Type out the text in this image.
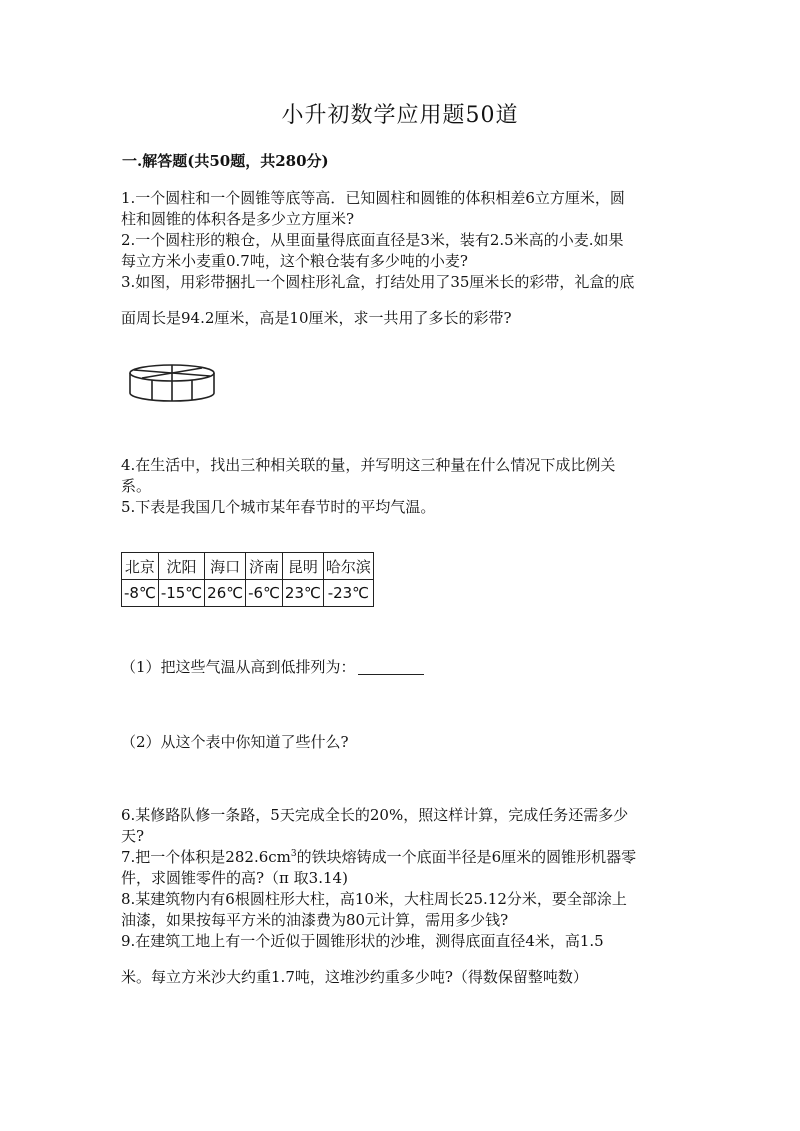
小升初数学应用题50道
一.解答题(共50题，共280分)
1.一个圆柱和一个圆锥等底等高．已知圆柱和圆锥的体积相差6立方厘米，圆
柱和圆锥的体积各是多少立方厘米?
2.一个圆柱形的粮仓，从里面量得底面直径是3米，装有2.5米高的小麦.如果
每立方米小麦重0.7吨，这个粮仓装有多少吨的小麦?
3.如图，用彩带捆扎一个圆柱形礼盒，打结处用了35厘米长的彩带，礼盒的底
面周长是94.2厘米，高是10厘米，求一共用了多长的彩带?
4.在生活中，找出三种相关联的量，并写明这三种量在什么情况下成比例关
系。
5.下表是我国几个城市某年春节时的平均气温。
北京	沈阳	海口	济南	昆明	哈尔滨
-8℃	-15℃	26℃	-6℃	23℃	-23℃
（1）把这些气温从高到低排列为：
（2）从这个表中你知道了些什么?
6.某修路队修一条路，5天完成全长的20%，照这样计算，完成任务还需多少
天?
7.把一个体积是$282.6cm^3$的铁块熔铸成一个底面半径是6厘米的圆锥形机器零
件，求圆锥零件的高?（π 取3.14)
8.某建筑物内有6根圆柱形大柱，高10米，大柱周长25.12分米，要全部涂上
油漆，如果按每平方米的油漆费为80元计算，需用多少钱?
9.在建筑工地上有一个近似于圆锥形状的沙堆，测得底面直径4米，高1.5
米。每立方米沙大约重1.7吨，这堆沙约重多少吨?（得数保留整吨数）
